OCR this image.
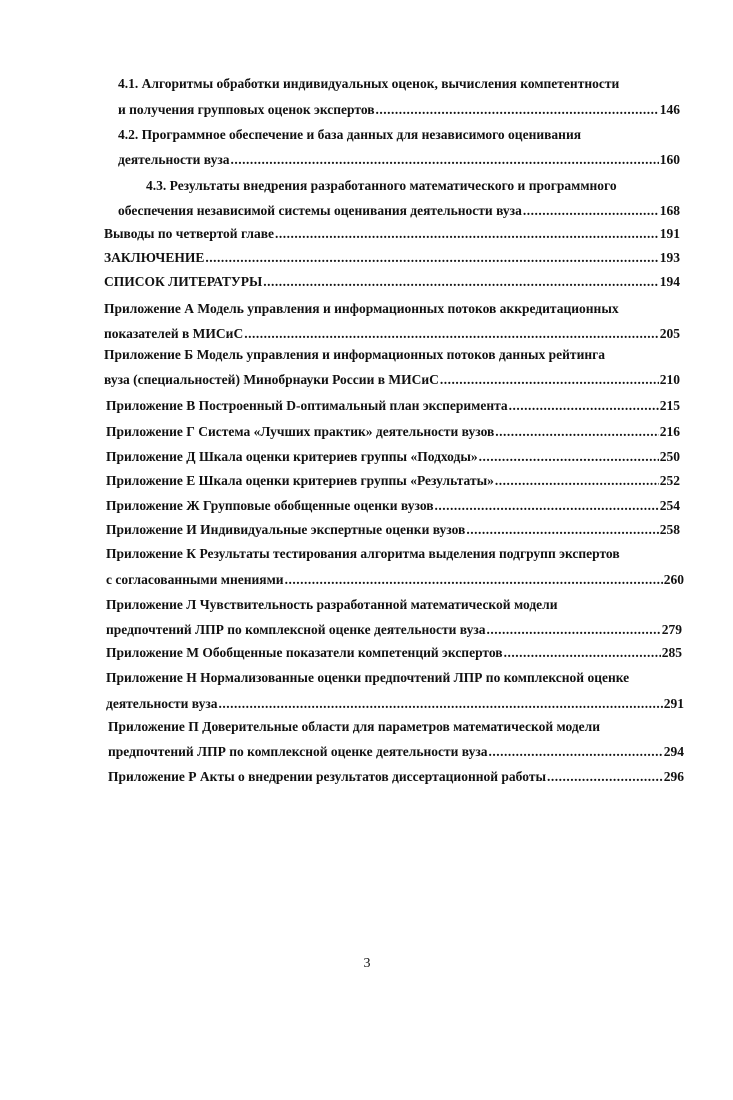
4.1. Алгоритмы обработки индивидуальных оценок, вычисления компетентности
и получения групповых оценок экспертов .....	146
4.2. Программное обеспечение и база данных для независимого оценивания
деятельности вуза .....	160
4.3. Результаты внедрения разработанного математического и программного
обеспечения независимой системы оценивания деятельности вуза .....	168
Выводы по четвертой главе .....	191
ЗАКЛЮЧЕНИЕ .....	193
СПИСОК ЛИТЕРАТУРЫ .....	194
Приложение А Модель управления и информационных потоков аккредитационных
показателей в МИСиС .....	205
Приложение Б Модель управления и информационных потоков данных рейтинга
вуза (специальностей) Минобрнауки России в МИСиС .....	210
Приложение В Построенный D-оптимальный план эксперимента .....	215
Приложение Г Система «Лучших практик» деятельности вузов .....	216
Приложение Д Шкала оценки критериев группы «Подходы» .....	250
Приложение Е Шкала оценки критериев группы «Результаты» .....	252
Приложение Ж Групповые обобщенные оценки вузов .....	254
Приложение И Индивидуальные экспертные оценки вузов .....	258
Приложение К Результаты тестирования алгоритма выделения подгрупп экспертов
с согласованными мнениями .....	260
Приложение Л Чувствительность разработанной математической модели
предпочтений ЛПР по комплексной оценке деятельности вуза .....	279
Приложение М Обобщенные показатели компетенций экспертов .....	285
Приложение Н Нормализованные оценки предпочтений ЛПР по комплексной оценке
деятельности вуза .....	291
Приложение П Доверительные области для параметров математической модели
предпочтений ЛПР по комплексной оценке деятельности вуза .....	294
Приложение Р Акты о внедрении результатов диссертационной работы .....	296
3
